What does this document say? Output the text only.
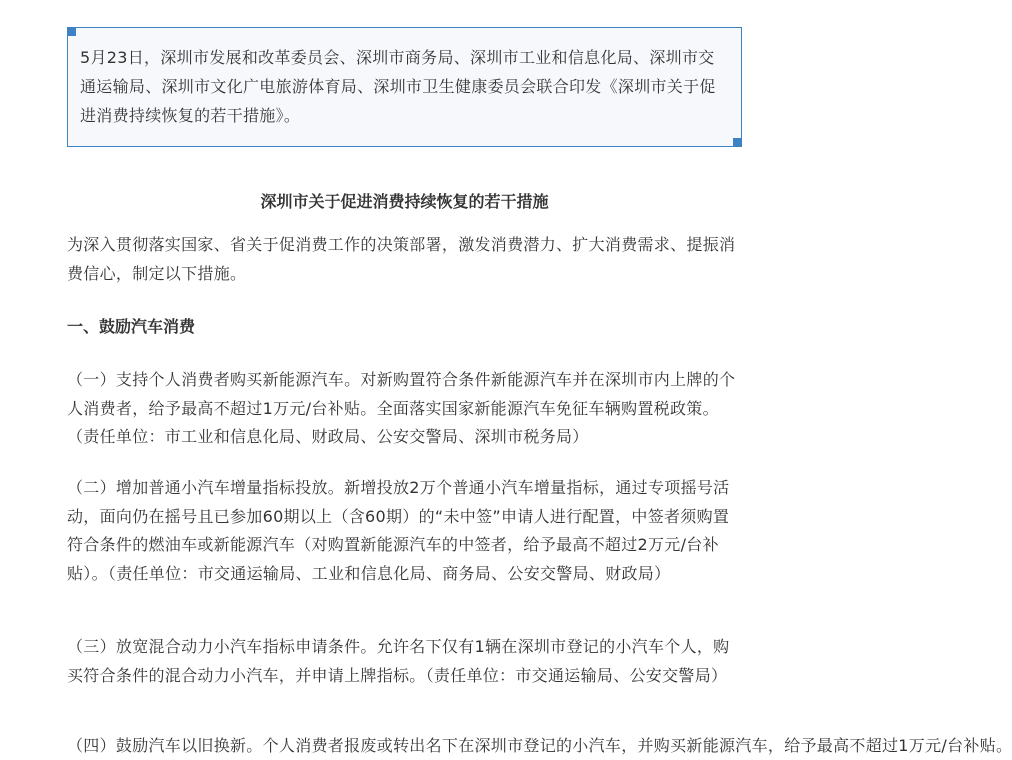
5月23日，深圳市发展和改革委员会、深圳市商务局、深圳市工业和信息化局、深圳市交通运输局、深圳市文化广电旅游体育局、深圳市卫生健康委员会联合印发《深圳市关于促进消费持续恢复的若干措施》。
深圳市关于促进消费持续恢复的若干措施

为深入贯彻落实国家、省关于促消费工作的决策部署，激发消费潜力、扩大消费需求、提振消费信心，制定以下措施。

一、鼓励汽车消费

（一）支持个人消费者购买新能源汽车。对新购置符合条件新能源汽车并在深圳市内上牌的个人消费者，给予最高不超过1万元/台补贴。全面落实国家新能源汽车免征车辆购置税政策。（责任单位：市工业和信息化局、财政局、公安交警局、深圳市税务局）

（二）增加普通小汽车增量指标投放。新增投放2万个普通小汽车增量指标，通过专项摇号活动，面向仍在摇号且已参加60期以上（含60期）的“未中签”申请人进行配置，中签者须购置符合条件的燃油车或新能源汽车（对购置新能源汽车的中签者，给予最高不超过2万元/台补贴）。（责任单位：市交通运输局、工业和信息化局、商务局、公安交警局、财政局）

（三）放宽混合动力小汽车指标申请条件。允许名下仅有1辆在深圳市登记的小汽车个人，购买符合条件的混合动力小汽车，并申请上牌指标。（责任单位：市交通运输局、公安交警局）

（四）鼓励汽车以旧换新。个人消费者报废或转出名下在深圳市登记的小汽车，并购买新能源汽车，给予最高不超过1万元/台补贴。
